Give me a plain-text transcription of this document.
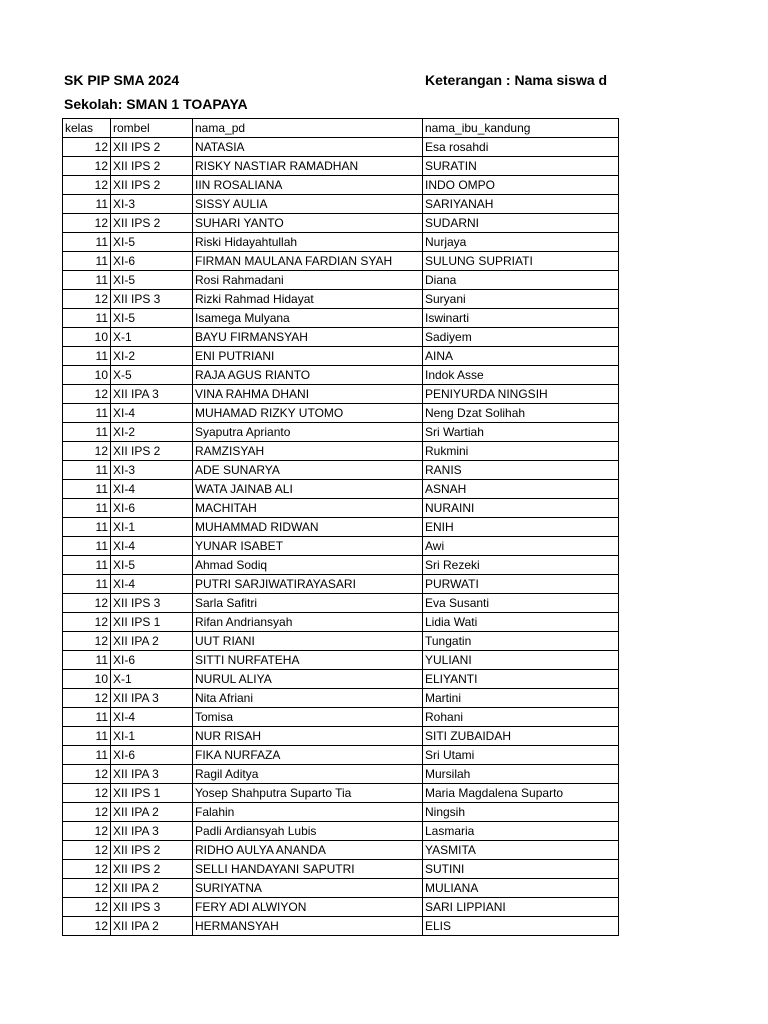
SK PIP SMA 2024	Keterangan : Nama siswa d
Sekolah: SMAN 1 TOAPAYA
kelas	rombel	nama_pd	nama_ibu_kandung
12	XII IPS 2	NATASIA	Esa rosahdi
12	XII IPS 2	RISKY NASTIAR RAMADHAN	SURATIN
12	XII IPS 2	IIN ROSALIANA	INDO OMPO
11	XI-3	SISSY AULIA	SARIYANAH
12	XII IPS 2	SUHARI YANTO	SUDARNI
11	XI-5	Riski Hidayahtullah	Nurjaya
11	XI-6	FIRMAN MAULANA FARDIAN SYAH	SULUNG SUPRIATI
11	XI-5	Rosi Rahmadani	Diana
12	XII IPS 3	Rizki Rahmad Hidayat	Suryani
11	XI-5	Isamega Mulyana	Iswinarti
10	X-1	BAYU FIRMANSYAH	Sadiyem
11	XI-2	ENI PUTRIANI	AINA
10	X-5	RAJA AGUS RIANTO	Indok Asse
12	XII IPA 3	VINA RAHMA DHANI	PENIYURDA NINGSIH
11	XI-4	MUHAMAD RIZKY UTOMO	Neng Dzat Solihah
11	XI-2	Syaputra Aprianto	Sri Wartiah
12	XII IPS 2	RAMZISYAH	Rukmini
11	XI-3	ADE SUNARYA	RANIS
11	XI-4	WATA JAINAB ALI	ASNAH
11	XI-6	MACHITAH	NURAINI
11	XI-1	MUHAMMAD RIDWAN	ENIH
11	XI-4	YUNAR ISABET	Awi
11	XI-5	Ahmad Sodiq	Sri Rezeki
11	XI-4	PUTRI SARJIWATIRAYASARI	PURWATI
12	XII IPS 3	Sarla Safitri	Eva Susanti
12	XII IPS 1	Rifan Andriansyah	Lidia Wati
12	XII IPA 2	UUT RIANI	Tungatin
11	XI-6	SITTI NURFATEHA	YULIANI
10	X-1	NURUL ALIYA	ELIYANTI
12	XII IPA 3	Nita Afriani	Martini
11	XI-4	Tomisa	Rohani
11	XI-1	NUR RISAH	SITI ZUBAIDAH
11	XI-6	FIKA NURFAZA	Sri Utami
12	XII IPA 3	Ragil Aditya	Mursilah
12	XII IPS 1	Yosep Shahputra Suparto Tia	Maria Magdalena Suparto
12	XII IPA 2	Falahin	Ningsih
12	XII IPA 3	Padli Ardiansyah Lubis	Lasmaria
12	XII IPS 2	RIDHO AULYA ANANDA	YASMITA
12	XII IPS 2	SELLI HANDAYANI SAPUTRI	SUTINI
12	XII IPA 2	SURIYATNA	MULIANA
12	XII IPS 3	FERY ADI ALWIYON	SARI LIPPIANI
12	XII IPA 2	HERMANSYAH	ELIS
